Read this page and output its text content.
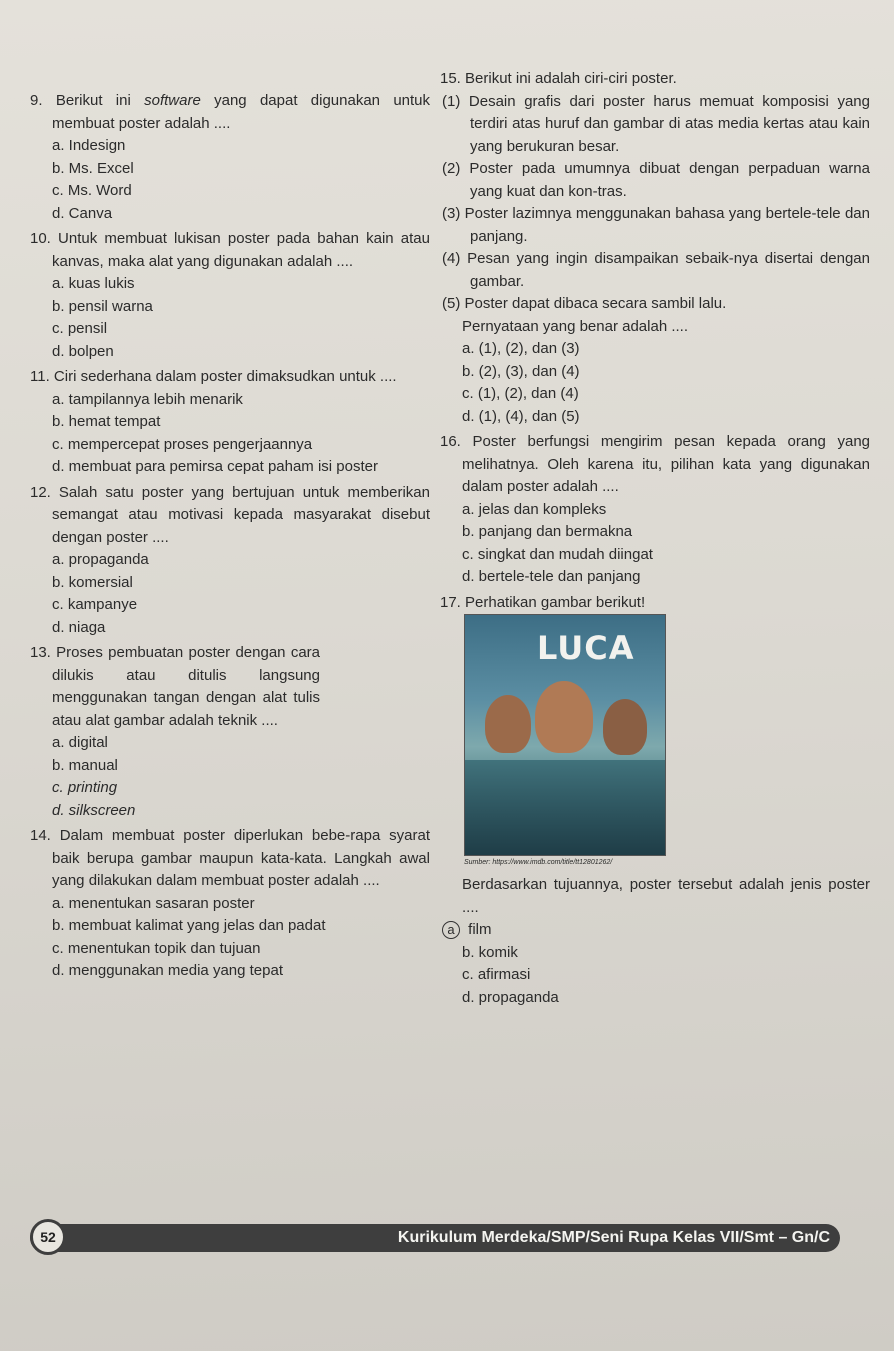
9. Berikut ini software yang dapat digunakan untuk membuat poster adalah ....

a. Indesign

b. Ms. Excel

c. Ms. Word

d. Canva

10. Untuk membuat lukisan poster pada bahan kain atau kanvas, maka alat yang digunakan adalah ....

a. kuas lukis

b. pensil warna

c. pensil

d. bolpen

11. Ciri sederhana dalam poster dimaksudkan untuk ....

a. tampilannya lebih menarik

b. hemat tempat

c. mempercepat proses pengerjaannya

d. membuat para pemirsa cepat paham isi poster

12. Salah satu poster yang bertujuan untuk memberikan semangat atau motivasi kepada masyarakat disebut dengan poster ....

a. propaganda

b. komersial

c. kampanye

d. niaga

13. Proses pembuatan poster dengan cara dilukis atau ditulis langsung menggunakan tangan dengan alat tulis atau alat gambar adalah teknik ....

a. digital

b. manual

c. printing

d. silkscreen

14. Dalam membuat poster diperlukan bebe-rapa syarat baik berupa gambar maupun kata-kata. Langkah awal yang dilakukan dalam membuat poster adalah ....

a. menentukan sasaran poster

b. membuat kalimat yang jelas dan padat

c. menentukan topik dan tujuan

d. menggunakan media yang tepat

15. Berikut ini adalah ciri-ciri poster.

(1) Desain grafis dari poster harus memuat komposisi yang terdiri atas huruf dan gambar di atas media kertas atau kain yang berukuran besar.

(2) Poster pada umumnya dibuat dengan perpaduan warna yang kuat dan kon-tras.

(3) Poster lazimnya menggunakan bahasa yang bertele-tele dan panjang.

(4) Pesan yang ingin disampaikan sebaik-nya disertai dengan gambar.

(5) Poster dapat dibaca secara sambil lalu.

Pernyataan yang benar adalah ....

a. (1), (2), dan (3)

b. (2), (3), dan (4)

c. (1), (2), dan (4)

d. (1), (4), dan (5)

16. Poster berfungsi mengirim pesan kepada orang yang melihatnya. Oleh karena itu, pilihan kata yang digunakan dalam poster adalah ....

a. jelas dan kompleks

b. panjang dan bermakna

c. singkat dan mudah diingat

d. bertele-tele dan panjang

17. Perhatikan gambar berikut!

LUCA
Sumber: https://www.imdb.com/title/tt12801262/

Berdasarkan tujuannya, poster tersebut adalah jenis poster ....

a film

b. komik

c. afirmasi

d. propaganda

52	Kurikulum Merdeka/SMP/Seni Rupa Kelas VII/Smt – Gn/C
